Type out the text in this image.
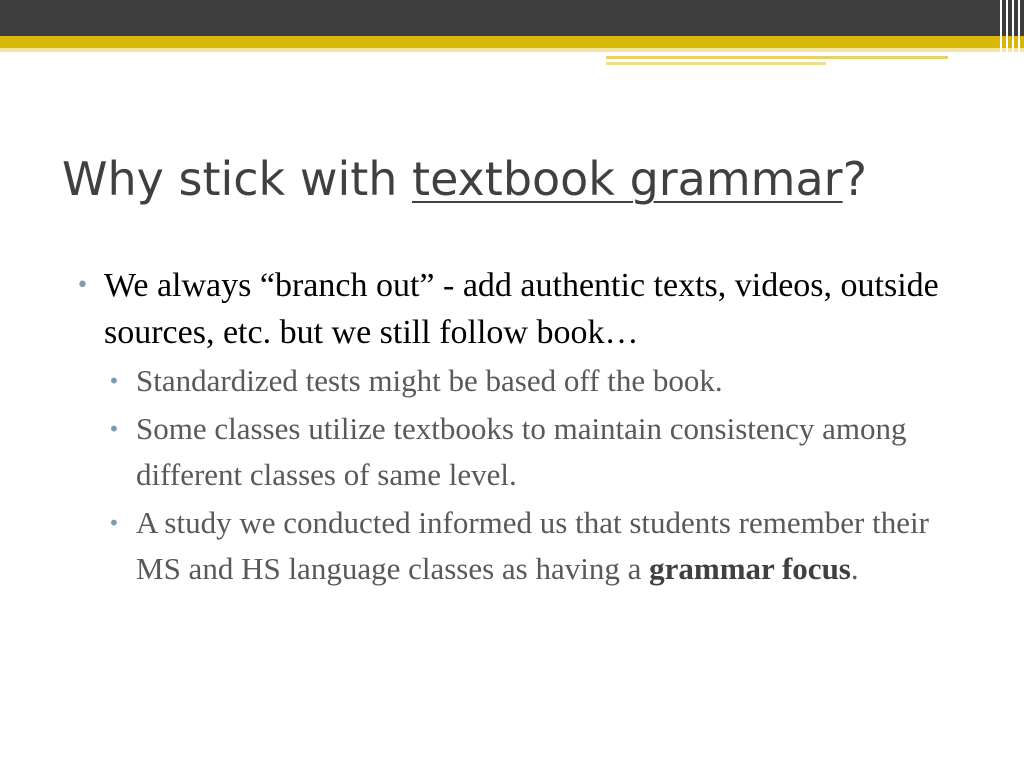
Why stick with textbook grammar?
• We always “branch out” - add authentic texts, videos, outside sources, etc. but we still follow book…
• Standardized tests might be based off the book.
• Some classes utilize textbooks to maintain consistency among different classes of same level.
• A study we conducted informed us that students remember their MS and HS language classes as having a grammar focus.
